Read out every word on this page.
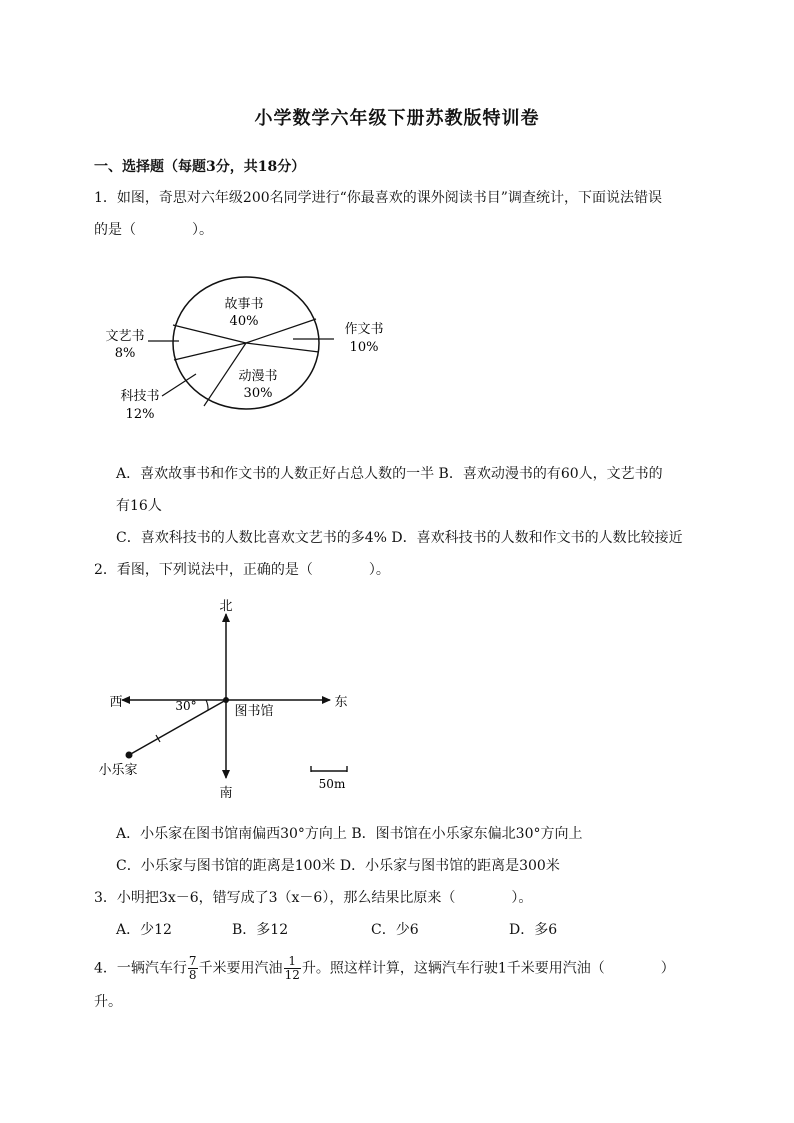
小学数学六年级下册苏教版特训卷
一、选择题（每题3分，共18分）
1．如图，奇思对六年级200名同学进行“你最喜欢的课外阅读书目”调查统计，下面说法错误
的是（　　　　）。
故事书
40%
作文书
10%
文艺书
8%
科技书
12%
动漫书
30%
A．喜欢故事书和作文书的人数正好占总人数的一半 B．喜欢动漫书的有60人，文艺书的
有16人
C．喜欢科技书的人数比喜欢文艺书的多4% D．喜欢科技书的人数和作文书的人数比较接近
2．看图，下列说法中，正确的是（　　　　）。
北
南
东
西	30°	图书馆
小乐家
50m
A．小乐家在图书馆南偏西30°方向上 B．图书馆在小乐家东偏北30°方向上
C．小乐家与图书馆的距离是100米 D．小乐家与图书馆的距离是300米
3．小明把3x－6，错写成了3（x－6），那么结果比原来（　　　　）。
A．少12	B．多12	C．少6	D．多6
4．一辆汽车行 $\frac{7}{8}$ 千米要用汽油 $\frac{1}{12}$ 升。照这样计算，这辆汽车行驶1千米要用汽油（　　　　）
升。
